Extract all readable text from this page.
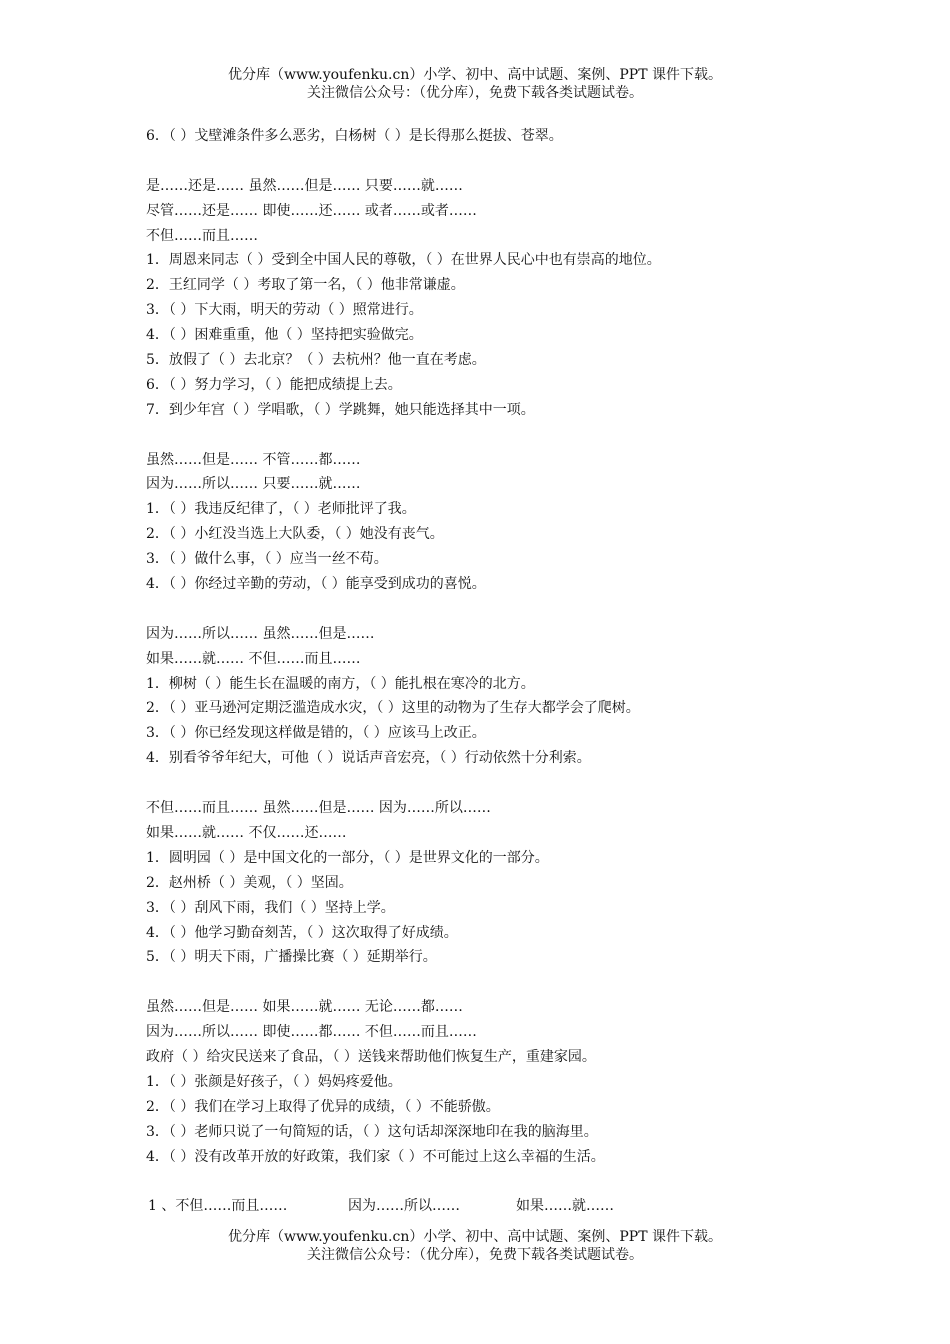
优分库（www.youfenku.cn）小学、初中、高中试题、案例、PPT 课件下载。
关注微信公众号：（优分库），免费下载各类试题试卷。
6．（ ）戈壁滩条件多么恶劣，白杨树（ ）是长得那么挺拔、苍翠。
是……还是…… 虽然……但是…… 只要……就……
尽管……还是…… 即使……还…… 或者……或者……
不但……而且……
1．周恩来同志（ ）受到全中国人民的尊敬，（ ）在世界人民心中也有崇高的地位。
2．王红同学（ ）考取了第一名，（ ）他非常谦虚。
3．（ ）下大雨，明天的劳动（ ）照常进行。
4．（ ）困难重重，他（ ）坚持把实验做完。
5．放假了（ ）去北京？（ ）去杭州？他一直在考虑。
6．（ ）努力学习，（ ）能把成绩提上去。
7．到少年宫（ ）学唱歌，（ ）学跳舞，她只能选择其中一项。
虽然……但是…… 不管……都……
因为……所以…… 只要……就……
1．（ ）我违反纪律了，（ ）老师批评了我。
2．（ ）小红没当选上大队委，（ ）她没有丧气。
3．（ ）做什么事，（ ）应当一丝不苟。
4．（ ）你经过辛勤的劳动，（ ）能享受到成功的喜悦。
因为……所以…… 虽然……但是……
如果……就…… 不但……而且……
1．柳树（ ）能生长在温暖的南方，（ ）能扎根在寒冷的北方。
2．（ ）亚马逊河定期泛滥造成水灾，（ ）这里的动物为了生存大都学会了爬树。
3．（ ）你已经发现这样做是错的，（ ）应该马上改正。
4．别看爷爷年纪大，可他（ ）说话声音宏亮，（ ）行动依然十分利索。
不但……而且…… 虽然……但是…… 因为……所以……
如果……就…… 不仅……还……
1．圆明园（ ）是中国文化的一部分，（ ）是世界文化的一部分。
2．赵州桥（ ）美观，（ ）坚固。
3．（ ）刮风下雨，我们（ ）坚持上学。
4．（ ）他学习勤奋刻苦，（ ）这次取得了好成绩。
5．（ ）明天下雨，广播操比赛（ ）延期举行。
虽然……但是…… 如果……就…… 无论……都……
因为……所以…… 即使……都…… 不但……而且……
政府（ ）给灾民送来了食品，（ ）送钱来帮助他们恢复生产，重建家园。
1．（ ）张颜是好孩子，（ ）妈妈疼爱他。
2．（ ）我们在学习上取得了优异的成绩，（ ）不能骄傲。
3．（ ）老师只说了一句简短的话，（ ）这句话却深深地印在我的脑海里。
4．（ ）没有改革开放的好政策，我们家（ ）不可能过上这么幸福的生活。
1 、不但……而且……	因为……所以……	如果……就……
优分库（www.youfenku.cn）小学、初中、高中试题、案例、PPT 课件下载。
关注微信公众号：（优分库），免费下载各类试题试卷。
